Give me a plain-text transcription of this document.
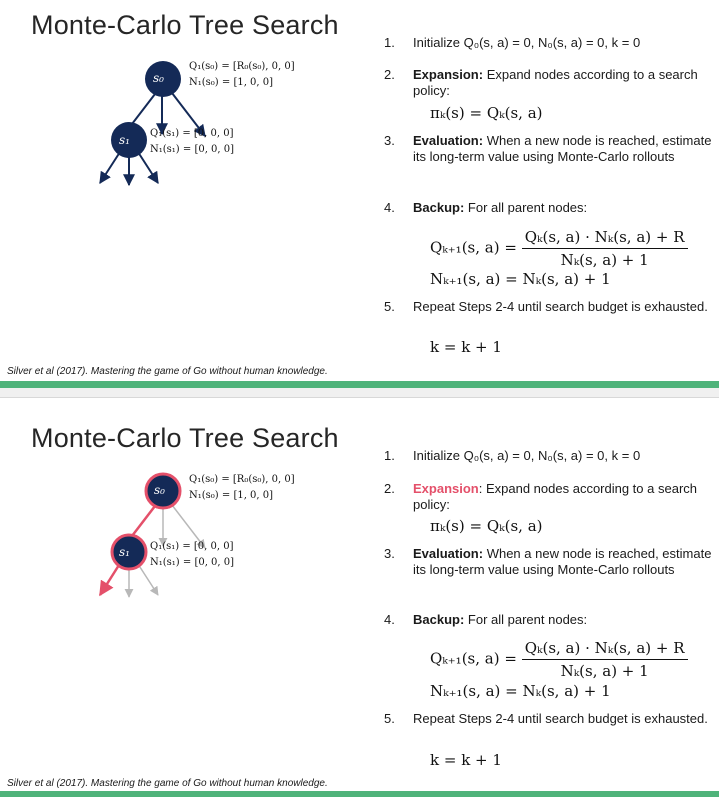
Monte-Carlo Tree Search
s₀
s₁
Q₁(s₀) = [R₀(s₀), 0, 0]
N₁(s₀) = [1, 0, 0]
Q₁(s₁) = [0, 0, 0]
N₁(s₁) = [0, 0, 0]
1.	Initialize Q₀(s, a) = 0, N₀(s, a) = 0, k = 0
2.	Expansion: Expand nodes according to a search policy:
3.	Evaluation: When a new node is reached, estimate its long-term value using Monte-Carlo rollouts
4.	Backup: For all parent nodes:
5.	Repeat Steps 2-4 until search budget is exhausted.
πₖ(s) = Qₖ(s, a)
Qₖ₊₁(s, $a) = \frac{\text{Qₖ(s, a) · Nₖ(s, a) + R}}{\text{Nₖ(s, a) + 1}}$
Nₖ₊₁(s, a) = Nₖ(s, a) + 1
k = k + 1
Silver et al (2017). Mastering the game of Go without human knowledge.
Monte-Carlo Tree Search
s₀
s₁
Q₁(s₀) = [R₀(s₀), 0, 0]
N₁(s₀) = [1, 0, 0]
Q₁(s₁) = [0, 0, 0]
N₁(s₁) = [0, 0, 0]
1.	Initialize Q₀(s, a) = 0, N₀(s, a) = 0, k = 0
2.	Expansion: Expand nodes according to a search policy:
3.	Evaluation: When a new node is reached, estimate its long-term value using Monte-Carlo rollouts
4.	Backup: For all parent nodes:
5.	Repeat Steps 2-4 until search budget is exhausted.
πₖ(s) = Qₖ(s, a)
Qₖ₊₁(s, $a) = \frac{\text{Qₖ(s, a) · Nₖ(s, a) + R}}{\text{Nₖ(s, a) + 1}}$
Nₖ₊₁(s, a) = Nₖ(s, a) + 1
k = k + 1
Silver et al (2017). Mastering the game of Go without human knowledge.
